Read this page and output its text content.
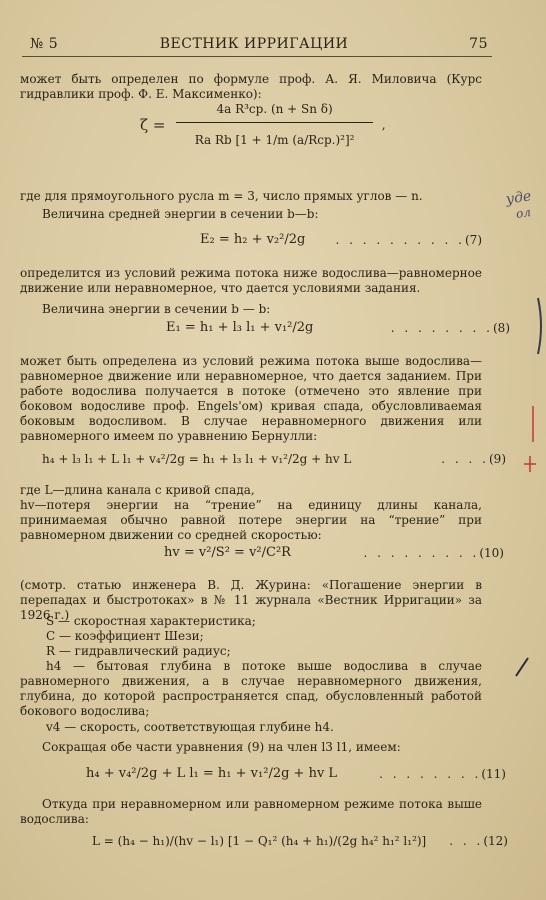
№ 5	ВЕСТНИК ИРРИГАЦИИ	75
может быть определен по формуле проф. А. Я. Миловича (Курс гидравлики проф. Ф. Е. Максименко):
$\zeta = \frac{\text{4a R³cp. (n + Sn δ)}}{\text{Ra Rb [1 + 1/m (a/Rcp.)²]²}}$ ,
где для прямоугольного русла m = 3, число прямых углов — n.
Величина средней энергии в сечении b—b:
E₂ = h₂ + v₂²/2g	. . . . . . . . . .(7)
определится из условий режима потока ниже водослива—равномерное движение или неравномерное, что дается условиями задания.
Величина энергии в сечении b — b:
E₁ = h₁ + l₃ l₁ + v₁²/2g	. . . . . . . .(8)
может быть определена из условий режима потока выше водослива—равномерное движение или неравномерное, что дается заданием. При работе водослива получается в потоке (отмечено это явление при боковом водосливе проф. Engels'ом) кривая спада, обусловливаемая боковым водосливом. В случае неравномерного движения или равномерного имеем по уравнению Бернулли:
h₄ + l₃ l₁ + L l₁ + v₄²/2g = h₁ + l₃ l₁ + v₁²/2g + hv L	. . . .(9)
где L—длина канала с кривой спада,
hv—потеря энергии на “трение” на единицу длины канала, принимаемая обычно равной потере энергии на “трение” при равномерном движении со средней скоростью:
hv = v²/S² = v²/C²R	. . . . . . . . .(10)
(смотр. статью инженера В. Д. Журина: «Погашение энергии в перепадах и быстротоках» в № 11 журнала «Вестник Ирригации» за 1926 г.)
S — скоростная характеристика;
C — коэффициент Шези;
R — гидравлический радиус;
h4 — бытовая глубина в потоке выше водослива в случае равномерного движения, а в случае неравномерного движения, глубина, до которой распространяется спад, обусловленный работой бокового водослива;
v4 — скорость, соответствующая глубине h4.
Сокращая обе части уравнения (9) на член l3 l1, имеем:
h₄ + v₄²/2g + L l₁ = h₁ + v₁²/2g + hv L	. . . . . . . .(11)
Откуда при неравномерном или равномерном режиме потока выше водослива:
L = (h₄ − h₁)/(hv − l₁) [1 − Q₁² (h₄ + h₁)/(2g h₄² h₁² l₁²)] . . .(12)
уде
ол
